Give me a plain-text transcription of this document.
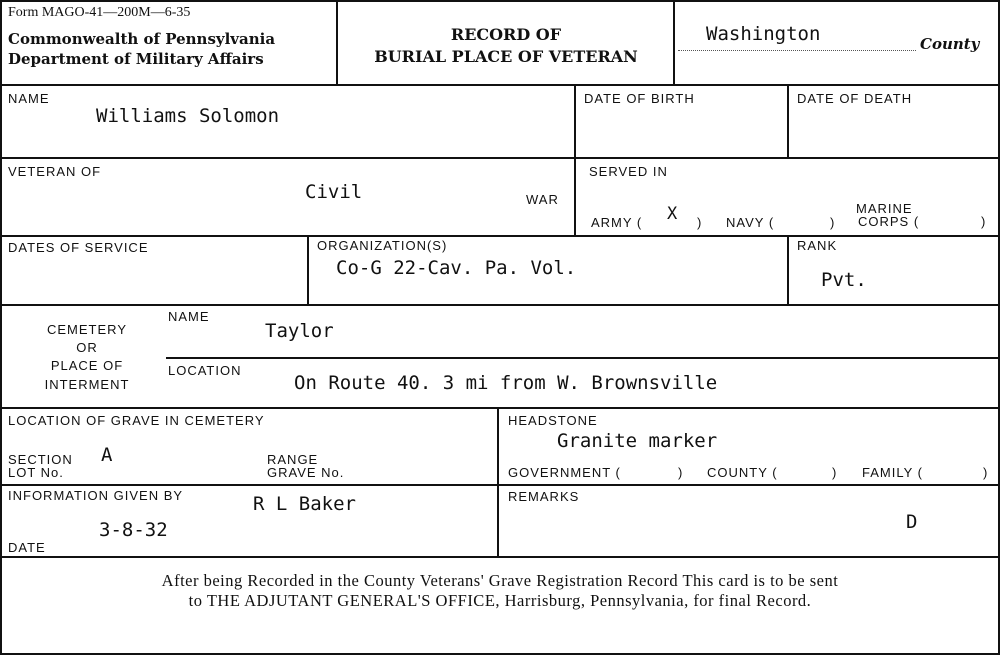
Form MAGO-41—200M—6-35
Commonwealth of Pennsylvania
Department of Military Affairs
RECORD OF
BURIAL PLACE OF VETERAN
Washington	County
NAME
Williams Solomon
DATE OF BIRTH	DATE OF DEATH
VETERAN OF
Civil	WAR
SERVED IN
ARMY ( X ) NAVY (	)
MARINE
CORPS (	)
DATES OF SERVICE	ORGANIZATION(S)
Co-G 22-Cav. Pa. Vol.
RANK
Pvt.
CEMETERY
OR
PLACE OF
INTERMENT
NAME
Taylor
LOCATION
On Route 40. 3 mi from W. Brownsville
LOCATION OF GRAVE IN CEMETERY
SECTION A
LOT No.
RANGE
GRAVE No.
HEADSTONE
Granite marker
GOVERNMENT (	) COUNTY (	) FAMILY (	)
INFORMATION GIVEN BY	R L Baker
3-8-32
DATE
REMARKS
D
After being Recorded in the County Veterans' Grave Registration Record This card is to be sent
to THE ADJUTANT GENERAL'S OFFICE, Harrisburg, Pennsylvania, for final Record.
